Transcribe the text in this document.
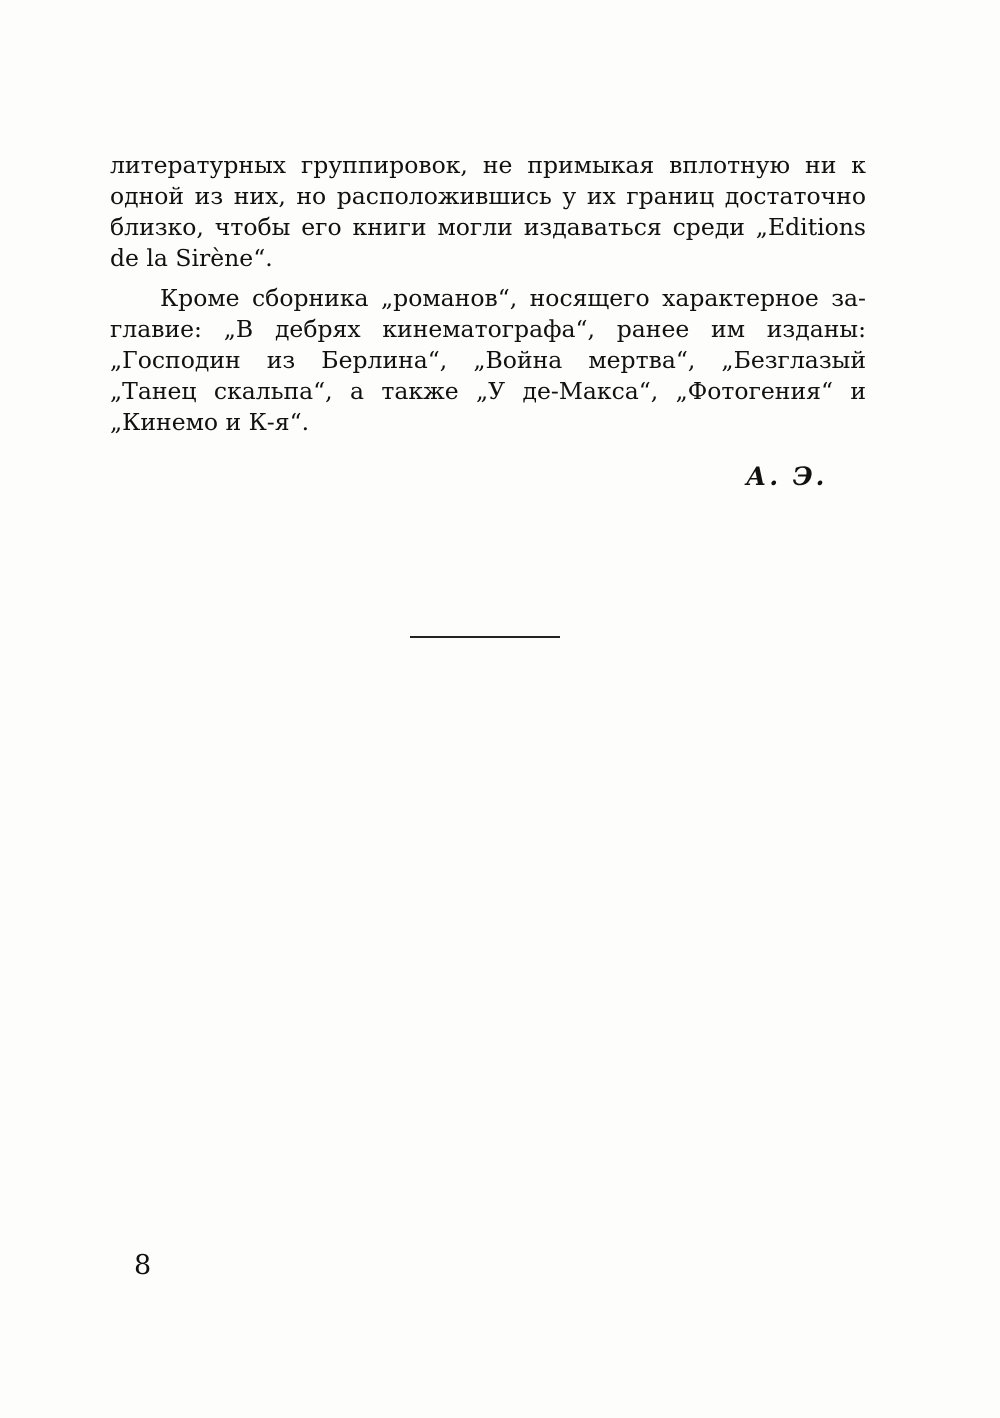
литературных группировок, не примыкая вплотную ни к
одной из них, но расположившись у их границ достаточно
близко, чтобы его книги могли издаваться среди „Editions
de la Sirène“.
Кроме сборника „романов“, носящего характерное за-
главие: „В дебрях кинематографа“, ранее им изданы:
„Господин из Берлина“, „Война мертва“, „Безглазый
„Танец скальпа“, а также „У де-Макса“, „Фотогения“ и
„Кинемо и К-я“.
А. Э.
8
